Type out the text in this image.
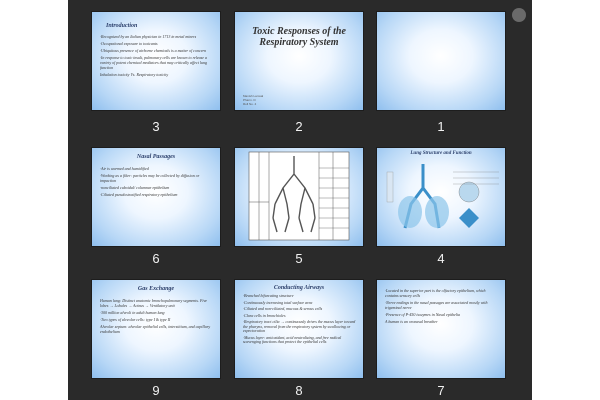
Introduction
·Recognized by an Italian physician in 1713 in metal miners
·Occupational exposure to toxicants
·Ubiquitous presence of airborne chemicals is a matter of concern
·In response to toxic insult, pulmonary cells are known to release a variety of potent chemical mediators that may critically affect lung function
Inhalation toxicity Vs. Respiratory toxicity
3
Toxic Responses of the Respiratory System
Manish Lamsal
Pharm. D
Roll No. 4
2	1
Nasal Passages
·Air is warmed and humidified
·Working as a filter: particles may be collected by diffusion or impaction
·nonciliated cuboidal/ columnar epithelium
·Ciliated pseudostratified respiratory epithelium
6	5
Lung Structure and Function
4
Gas Exchange
Human lung: Distinct anatomic bronchopulmonary segments. Five lobes → Lobules → Acinus → Ventilatory unit
·300 million alveoli in adult human lung
·Two types of alveolar cells: type I & type II
Alveolar septum: alveolar epithelial cells, interstitium, and capillary endothelium
9
Conducting Airways
·Branched bifurcating structure
·Continuously increasing total surface area
·Ciliated and non-ciliated, mucous & serous cells
·Clara cells in bronchioles
·Respiratory tract cilia → continuously drives the mucus layer toward the pharynx, removal from the respiratory system by swallowing or expectoration
·Mucus layer: antioxidant, acid neutralizing, and free radical scavenging functions that protect the epithelial cells
8
·Located in the superior part is the olfactory epithelium, which contains sensory cells
·Nerve endings in the nasal passages are associated mostly with trigeminal nerve
·Presence of P-450 isozymes in Nasal epithelia
A human is an oronasal breather
7
